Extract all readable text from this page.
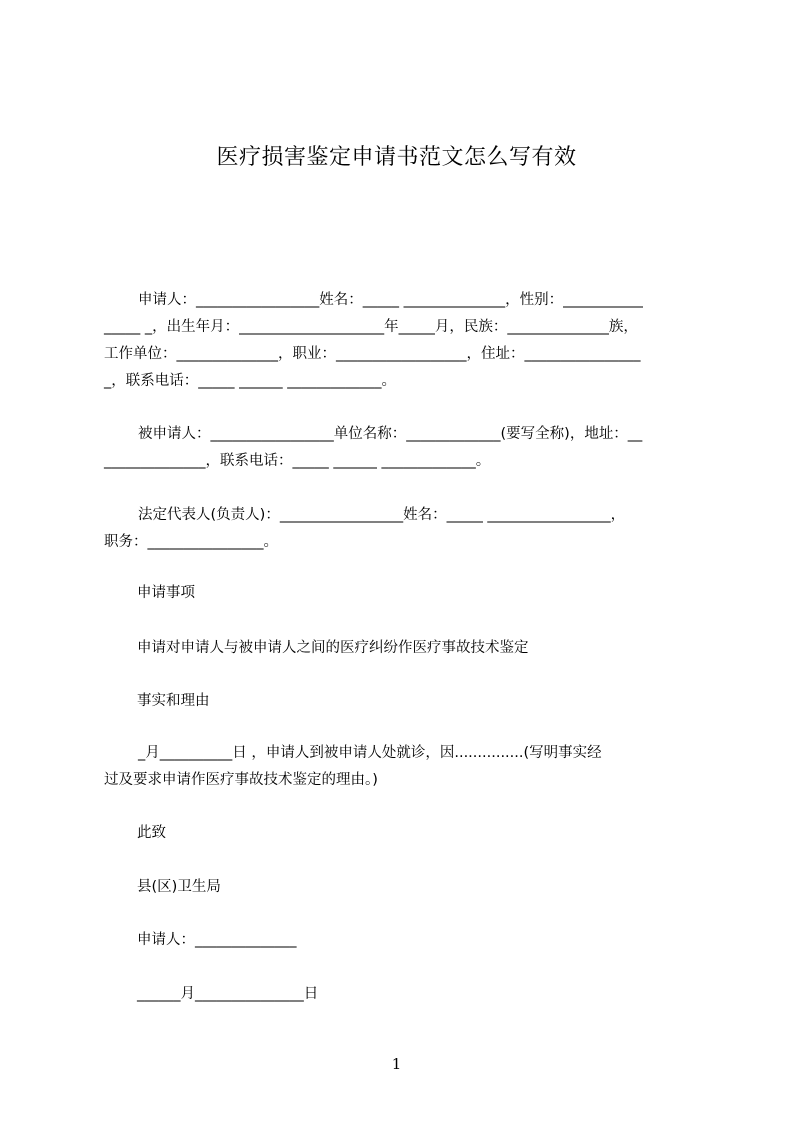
医疗损害鉴定申请书范文怎么写有效
申请人：_________________姓名：_____ ______________，性别：___________
_____ _，出生年月：____________________年_____月，民族：______________族，
工作单位：______________，职业：__________________，住址：________________
_，联系电话：_____ ______ _____________。
被申请人：_________________单位名称：_____________(要写全称)，地址：__
______________，联系电话：_____ ______ _____________。
法定代表人(负责人)：_________________姓名：_____ _________________，
职务：________________。
申请事项
申请对申请人与被申请人之间的医疗纠纷作医疗事故技术鉴定
事实和理由
_月__________日 ，申请人到被申请人处就诊，因...............(写明事实经
过及要求申请作医疗事故技术鉴定的理由。)
此致
县(区)卫生局
申请人：______________
______月_______________日
1
